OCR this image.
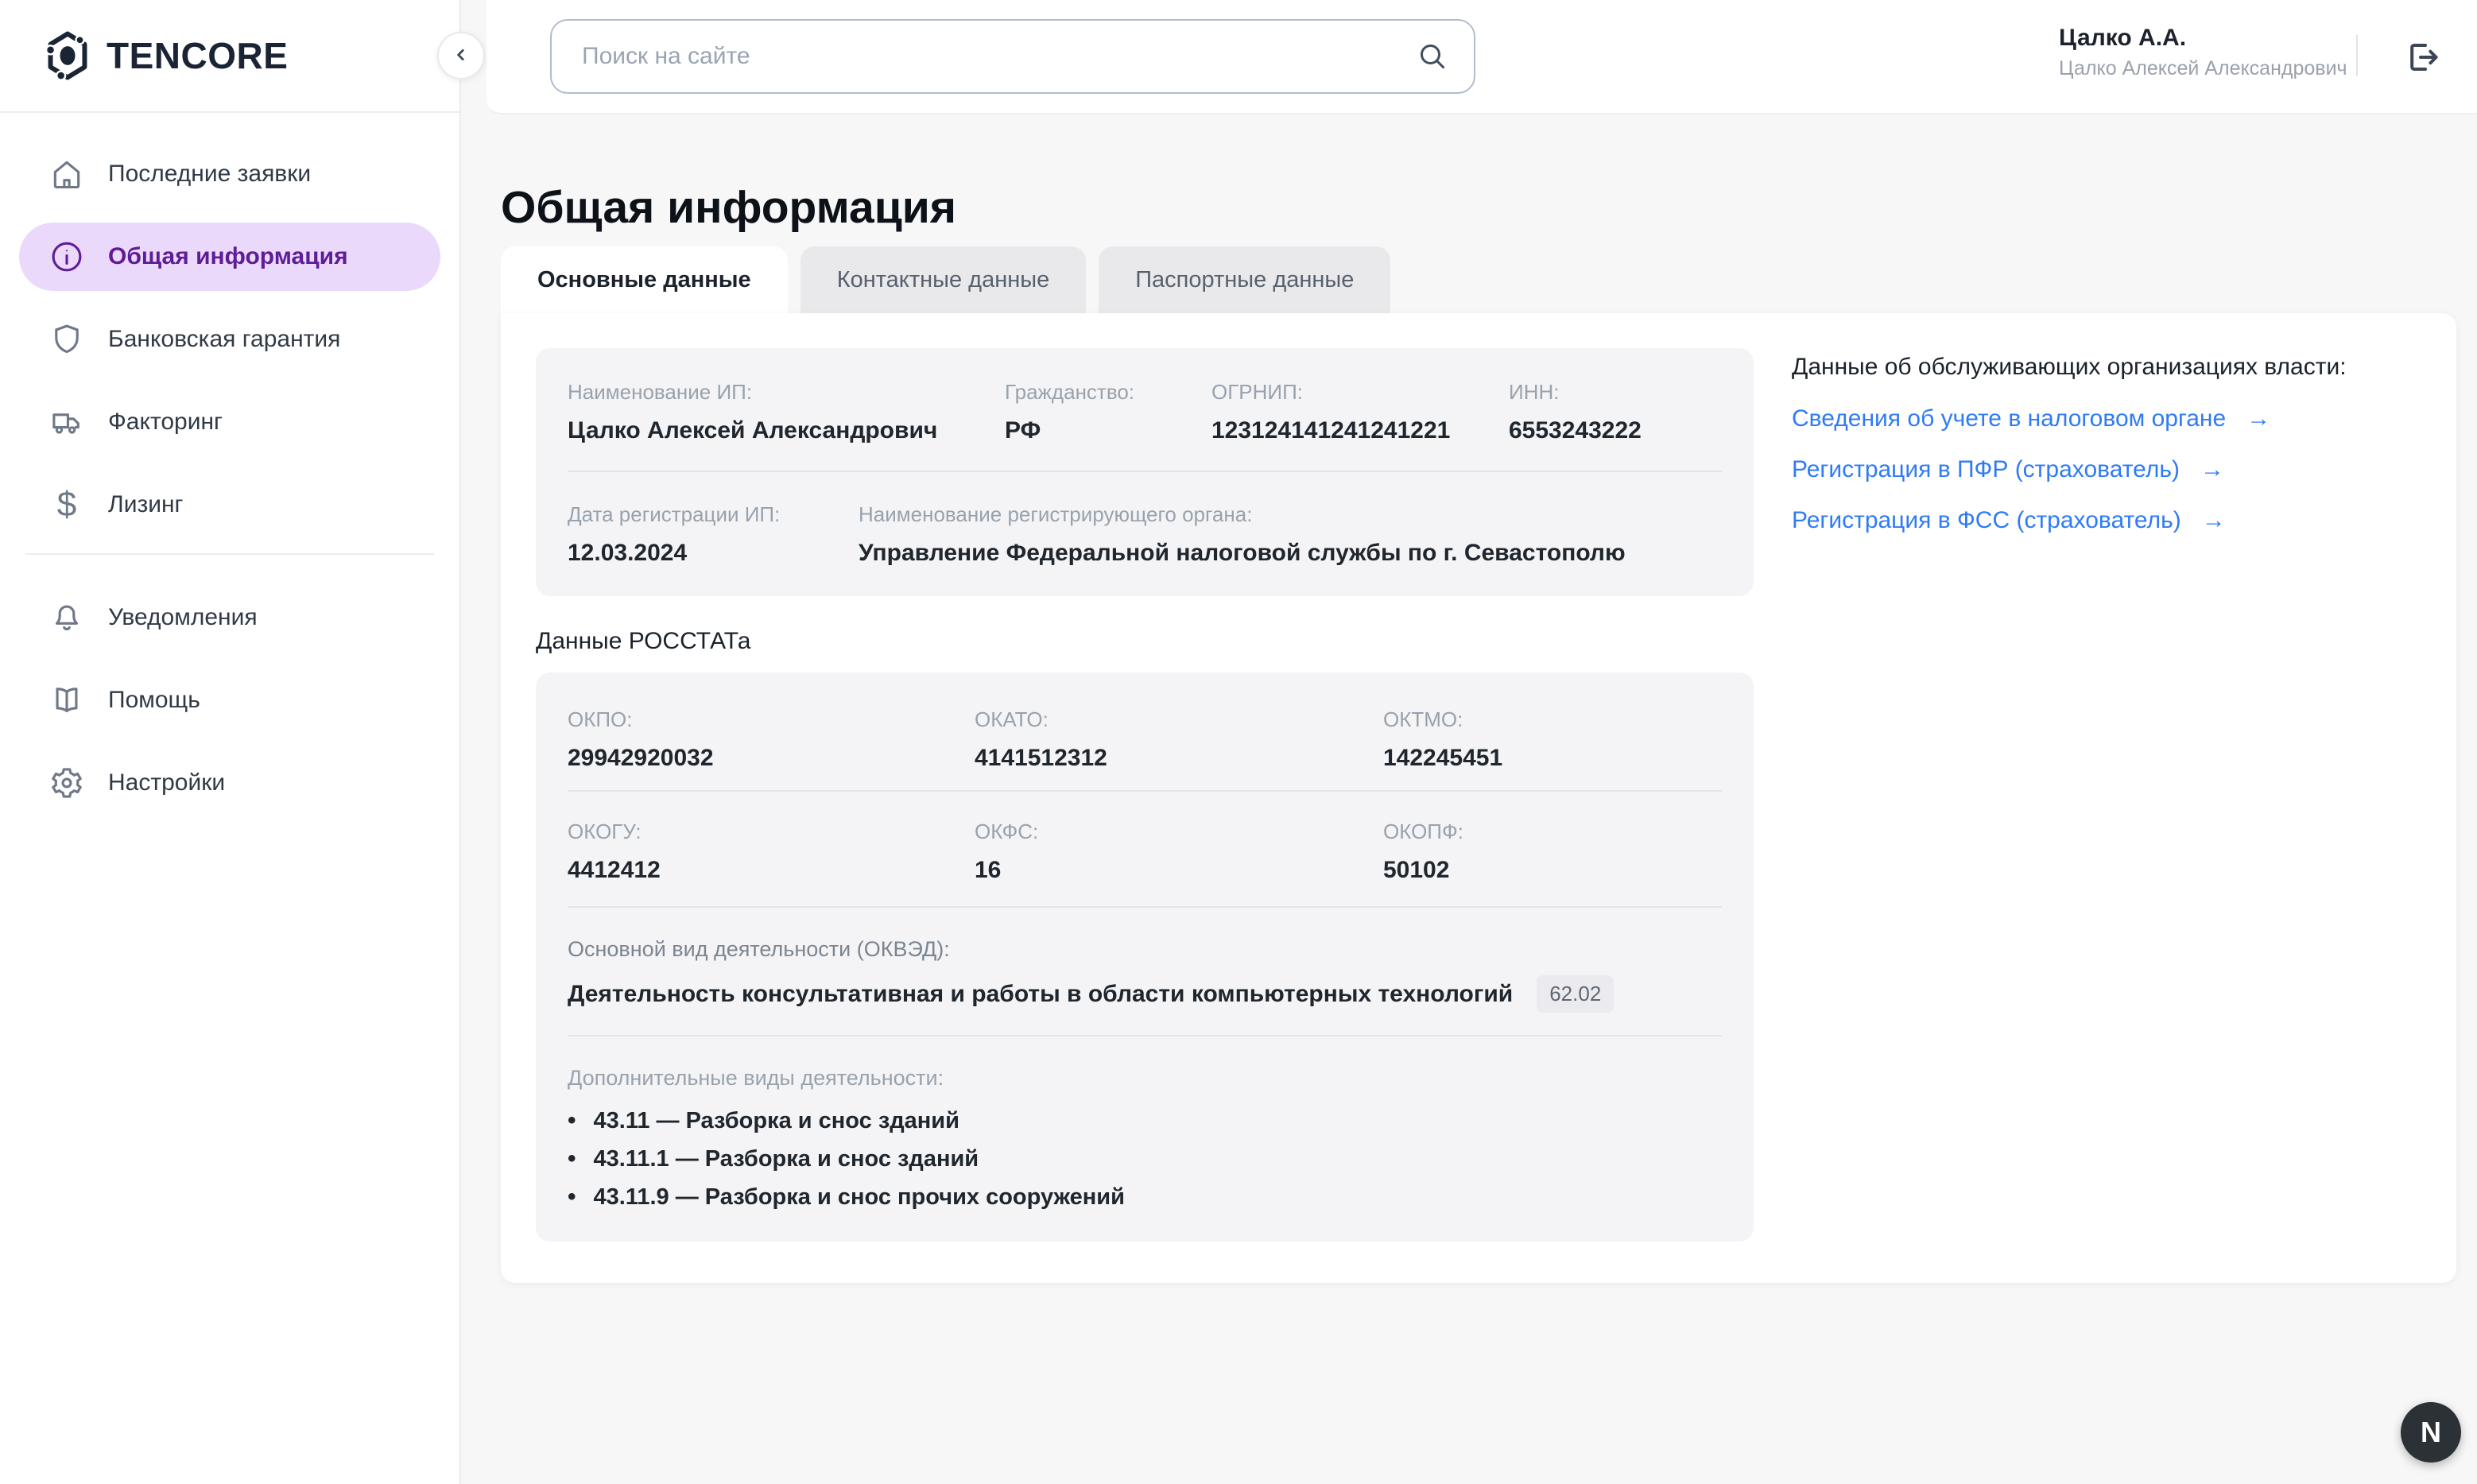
TENCORE
Последние заявки
Общая информация
Банковская гарантия
Факторинг
$	Лизинг
Уведомления
Помощь
Настройки
Поиск на сайте
Цалко А.А.
Цалко Алексей Александрович
Общая информация
Основные данные	Контактные данные	Паспортные данные
Наименование ИП:
Цалко Алексей Александрович
Гражданство:
РФ
ОГРНИП:
123124141241241221
ИНН:
6553243222
Дата регистрации ИП:
12.03.2024
Наименование регистрирующего органа:
Управление Федеральной налоговой службы по г. Севастополю
Данные РОССТАТа
ОКПО:
29942920032
ОКАТО:
4141512312
ОКТМО:
142245451
ОКОГУ:
4412412
ОКФС:
16
ОКОПФ:
50102
Основной вид деятельности (ОКВЭД):
Деятельность консультативная и работы в области компьютерных технологий	62.02
Дополнительные виды деятельности:
• 43.11 — Разборка и снос зданий
• 43.11.1 — Разборка и снос зданий
• 43.11.9 — Разборка и снос прочих сооружений
Данные об обслуживающих организациях власти:
Сведения об учете в налоговом органе →
Регистрация в ПФР (страхователь) →
Регистрация в ФСС (страхователь) →
N
